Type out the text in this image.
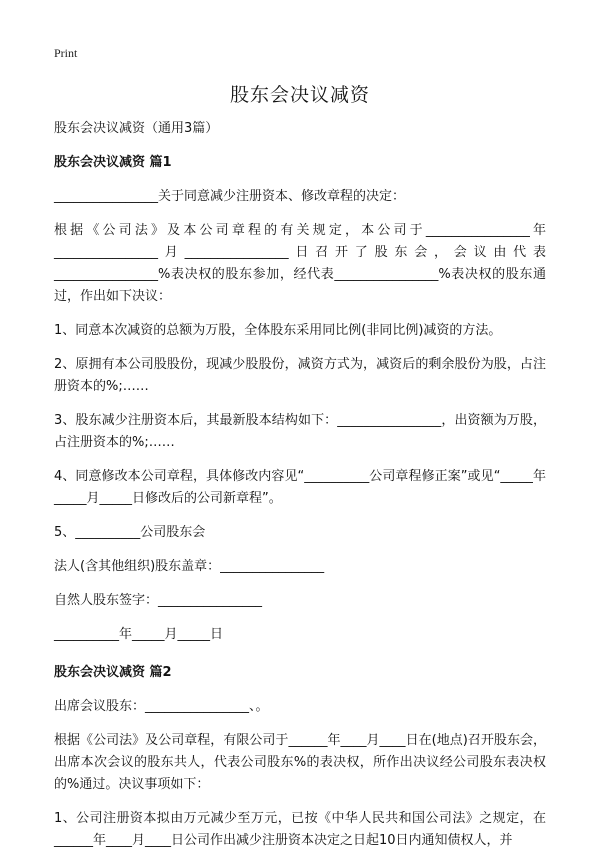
Print
股东会决议减资

股东会决议减资（通用3篇）

股东会决议减资 篇1

________________关于同意减少注册资本、修改章程的决定：

根据《公司法》及本公司章程的有关规定，本公司于________________年________________月________________日召开了股东会，会议由代表________________%表决权的股东参加，经代表________________%表决权的股东通过，作出如下决议：

1、同意本次减资的总额为万股，全体股东采用同比例(非同比例)减资的方法。

2、原拥有本公司股股份，现减少股股份，减资方式为，减资后的剩余股份为股，占注册资本的%;……

3、股东减少注册资本后，其最新股本结构如下：________________，出资额为万股，占注册资本的%;……

4、同意修改本公司章程，具体修改内容见“__________公司章程修正案”或见“_____年_____月_____日修改后的公司新章程”。

5、__________公司股东会

法人(含其他组织)股东盖章：________________

自然人股东签字：________________

__________年_____月_____日

股东会决议减资 篇2

出席会议股东：________________、。

根据《公司法》及公司章程，有限公司于______年____月____日在(地点)召开股东会，出席本次会议的股东共人，代表公司股东%的表决权，所作出决议经公司股东表决权的%通过。决议事项如下：

1、公司注册资本拟由万元减少至万元，已按《中华人民共和国公司法》之规定，在______年____月____日公司作出减少注册资本决定之日起10日内通知债权人，并
